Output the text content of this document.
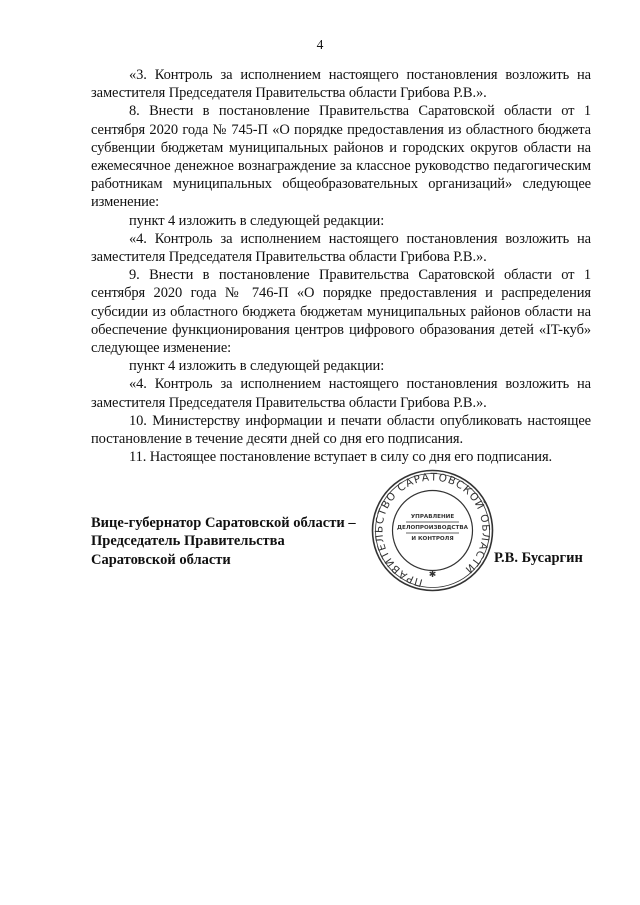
4

«3. Контроль за исполнением настоящего постановления возложить на заместителя Председателя Правительства области Грибова Р.В.».

8. Внести в постановление Правительства Саратовской области от 1 сентября 2020 года № 745-П «О порядке предоставления из областного бюджета субвенции бюджетам муниципальных районов и городских округов области на ежемесячное денежное вознаграждение за классное руководство педагогическим работникам муниципальных общеобразовательных организаций» следующее изменение:

пункт 4 изложить в следующей редакции:

«4. Контроль за исполнением настоящего постановления возложить на заместителя Председателя Правительства области Грибова Р.В.».

9. Внести в постановление Правительства Саратовской области от 1 сентября 2020 года № 746-П «О порядке предоставления и распределения субсидии из областного бюджета бюджетам муниципальных районов области на обеспечение функционирования центров цифрового образования детей «IT-куб» следующее изменение:

пункт 4 изложить в следующей редакции:

«4. Контроль за исполнением настоящего постановления возложить на заместителя Председателя Правительства области Грибова Р.В.».

10. Министерству информации и печати области опубликовать настоящее постановление в течение десяти дней со дня его подписания.

11. Настоящее постановление вступает в силу со дня его подписания.

Вице-губернатор Саратовской области –
Председатель Правительства
Саратовской области	Р.В. Бусаргин
ПРАВИТЕЛЬСТВО САРАТОВСКОЙ ОБЛАСТИ
УПРАВЛЕНИЕ
ДЕЛОПРОИЗВОДСТВА
И КОНТРОЛЯ
✱
